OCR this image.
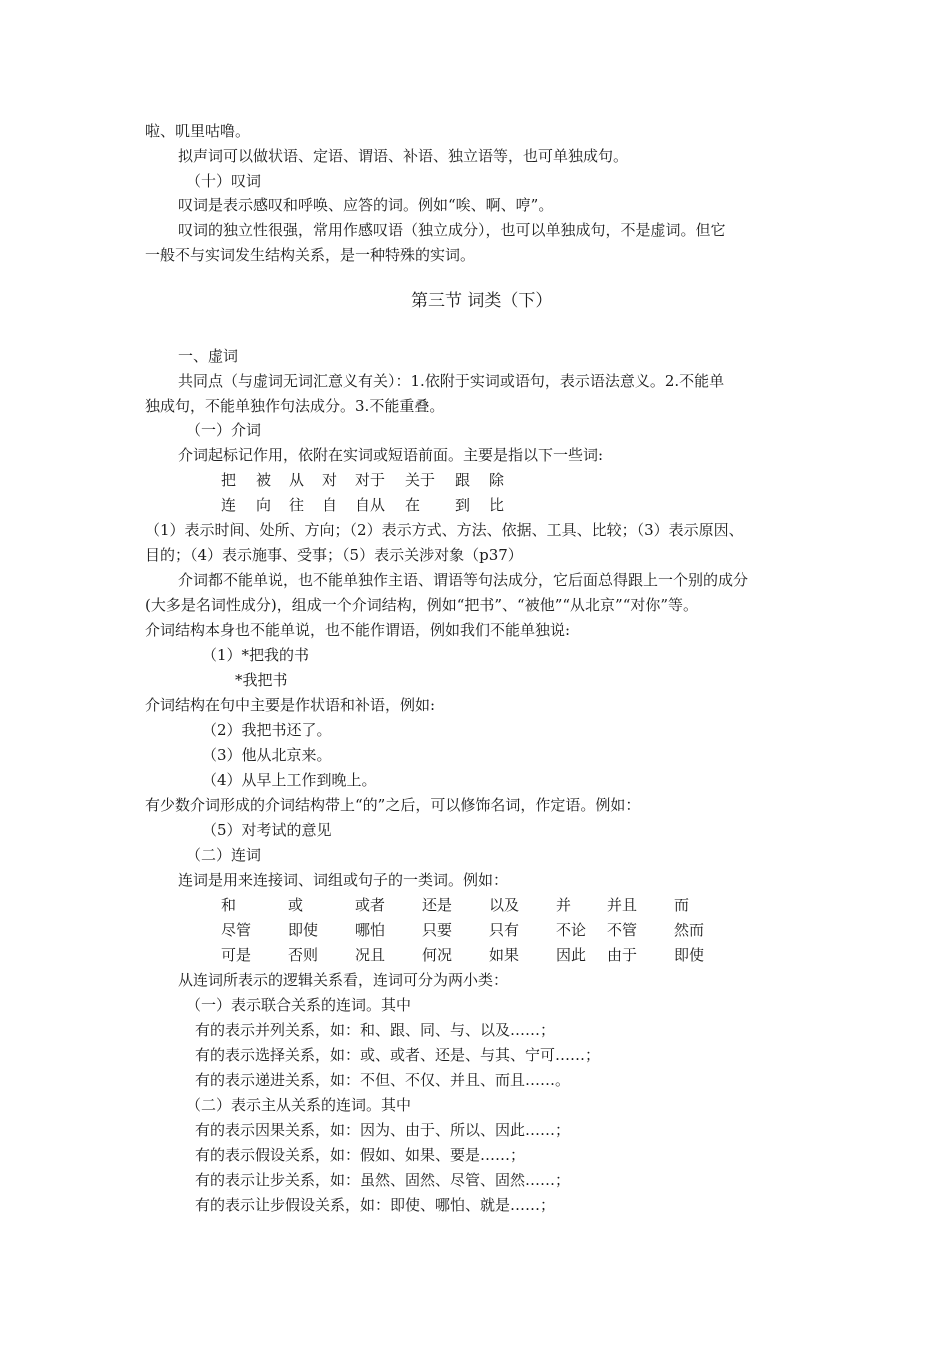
啦、叽里咕噜。
拟声词可以做状语、定语、谓语、补语、独立语等，也可单独成句。
（十）叹词
叹词是表示感叹和呼唤、应答的词。例如“唉、啊、哼”。
叹词的独立性很强，常用作感叹语（独立成分），也可以单独成句，不是虚词。但它
一般不与实词发生结构关系，是一种特殊的实词。
第三节 词类（下）
一、虚词
共同点（与虚词无词汇意义有关）：1.依附于实词或语句，表示语法意义。2.不能单
独成句，不能单独作句法成分。3.不能重叠。
（一）介词
介词起标记作用，依附在实词或短语前面。主要是指以下一些词:
把 被 从 对 对于 关于 跟 除
连 向 往 自 自从 在 到 比
（1）表示时间、处所、方向；（2）表示方式、方法、依据、工具、比较；（3）表示原因、
目的；（4）表示施事、受事；（5）表示关涉对象（p37）
介词都不能单说，也不能单独作主语、谓语等句法成分，它后面总得跟上一个别的成分
(大多是名词性成分)，组成一个介词结构，例如“把书”、“被他”“从北京”“对你”等。
介词结构本身也不能单说，也不能作谓语，例如我们不能单独说:
（1）*把我的书
*我把书
介词结构在句中主要是作状语和补语，例如:
（2）我把书还了。
（3）他从北京来。
（4）从早上工作到晚上。
有少数介词形成的介词结构带上“的”之后，可以修饰名词，作定语。例如：
（5）对考试的意见
（二）连词
连词是用来连接词、词组或句子的一类词。例如：
和	或	或者 还是 以及 并 并且 而
尽管 即使 哪怕 只要 只有 不论 不管 然而
可是 否则 况且 何况 如果 因此 由于 即使
从连词所表示的逻辑关系看，连词可分为两小类：
（一）表示联合关系的连词。其中
有的表示并列关系，如：和、跟、同、与、以及……；
有的表示选择关系，如：或、或者、还是、与其、宁可……；
有的表示递进关系，如：不但、不仅、并且、而且……。
（二）表示主从关系的连词。其中
有的表示因果关系，如：因为、由于、所以、因此……；
有的表示假设关系，如：假如、如果、要是……；
有的表示让步关系，如：虽然、固然、尽管、固然……；
有的表示让步假设关系，如：即使、哪怕、就是……；
